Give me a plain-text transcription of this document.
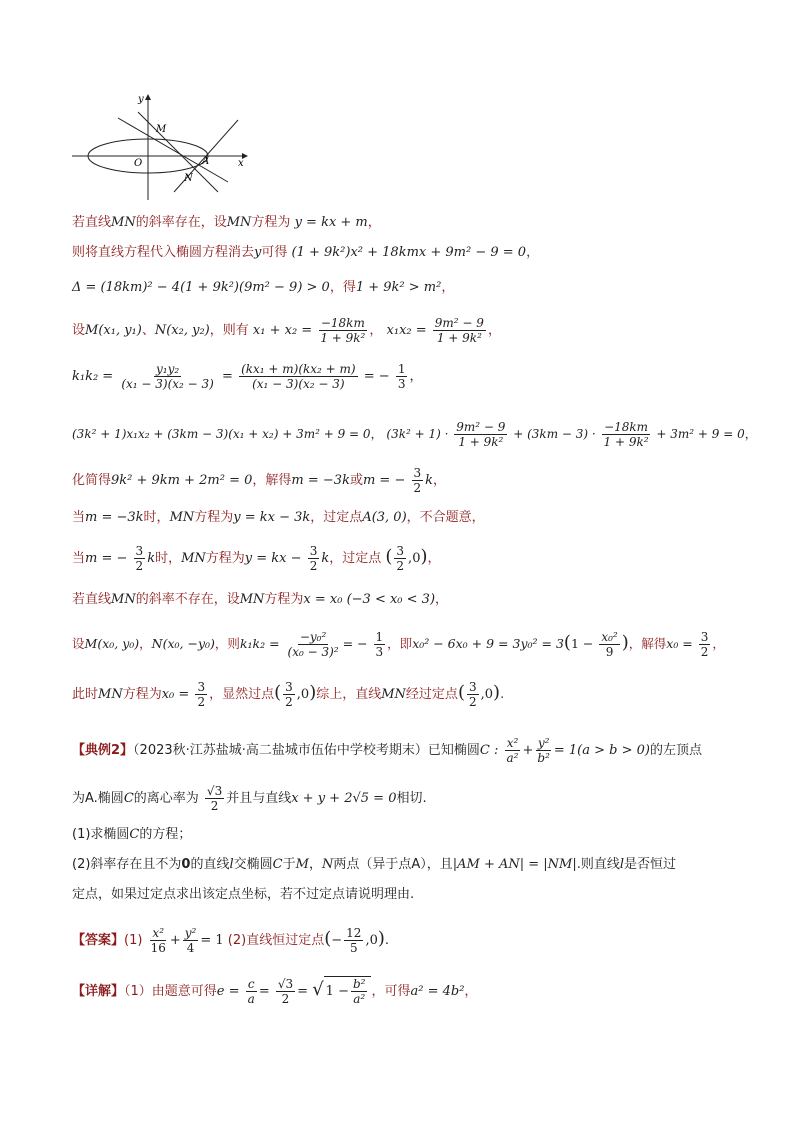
y
x
O
M
N
A
若直线MN的斜率存在，设MN方程为 y = kx + m，
则将直线方程代入椭圆方程消去y可得 (1 + 9k²)x² + 18kmx + 9m² − 9 = 0，
Δ = (18km)² − 4(1 + 9k²)(9m² − 9) > 0，得1 + 9k² > m²，
设M(x₁, y₁)、N(x₂, y₂)，则有 $x_1 + x_2 = \frac{-18km}{\text{1 + 9k²}}$ ， $x_1x_2 = \frac{\text{9m² − 9}}{\text{1 + 9k²}}$ ，
$k_1k_2 = \frac{\text{y₁y₂}}{\text{(x₁ − 3)(x₂ − 3)}} = \frac{\text{(kx₁ + m)(kx₂ + m)}}{\text{(x₁ − 3)(x₂ − 3)}}$ = − $\frac{1}{3}$ ，
(3k² + 1)x₁x₂ + (3km − 3)(x₁ + x₂) + 3m² + 9 = 0， $(3k^2 + 1) \cdot \frac{\text{9m² − 9}}{\text{1 + 9k²}} + (3km - 3) \cdot \frac{-18km}{\text{1 + 9k²}} + 3m^2 + 9 = 0$，
化简得9k² + 9km + 2m² = 0，解得m = −3k或m = − $\frac{3}{2}$ k，
当m = −3k时，MN方程为y = kx − 3k，过定点A(3, 0)，不合题意，
当m = − $\frac{3}{2}$ k时，MN方程为y = kx − $\frac{3}{2}$ k，过定点 ( $\frac{3}{2} ,0$)，
若直线MN的斜率不存在，设MN方程为x = x₀ (−3 < x₀ < 3)，
设M(x₀, y₀)，N(x₀, −y₀)，则$k_1k_2 = \frac{\text{−y₀²}}{\text{(x₀ − 3)²}}$ = − $\frac{1}{3}$ ，即$x_0^2 - 6x_0 + 9 = 3y_0^2 = 3(1 - \frac{\text{x₀²}}{9}$ )，解得$x_0 = \frac{3}{2}$ ，
此时MN方程为$x_0 = \frac{3}{2}$ ，显然过点( $\frac{3}{2} ,0$)综上，直线MN经过定点( $\frac{3}{2} ,0$).
【典例2】（2023秋·江苏盐城·高二盐城市伍佑中学校考期末）已知椭圆C : $\frac{\text{x²}}{\text{a²}} + \frac{\text{y²}}{\text{b²}} = 1(a > b > 0)$的左顶点
为A.椭圆C的离心率为 $\frac{√3}{2}$ 并且与直线x + y + 2√5 = 0相切.
(1)求椭圆C的方程；
(2)斜率存在且不为0的直线l交椭圆C于M，N两点（异于点A），且|AM + AN| = |NM|.则直线l是否恒过
定点，如果过定点求出该定点坐标，若不过定点请说明理由.
【答案】$(1) \frac{\text{x²}}{16} + \frac{\text{y²}}{4} = 1$ (2)直线恒过定点(− $\frac{12}{5} ,0$).
【详解】（1）由题意可得$e = \frac{c}{a} = \frac{√3}{2}$ = √ $1 - \frac{\text{b²}}{\text{a²}}$ ，可得a² = 4b²，
